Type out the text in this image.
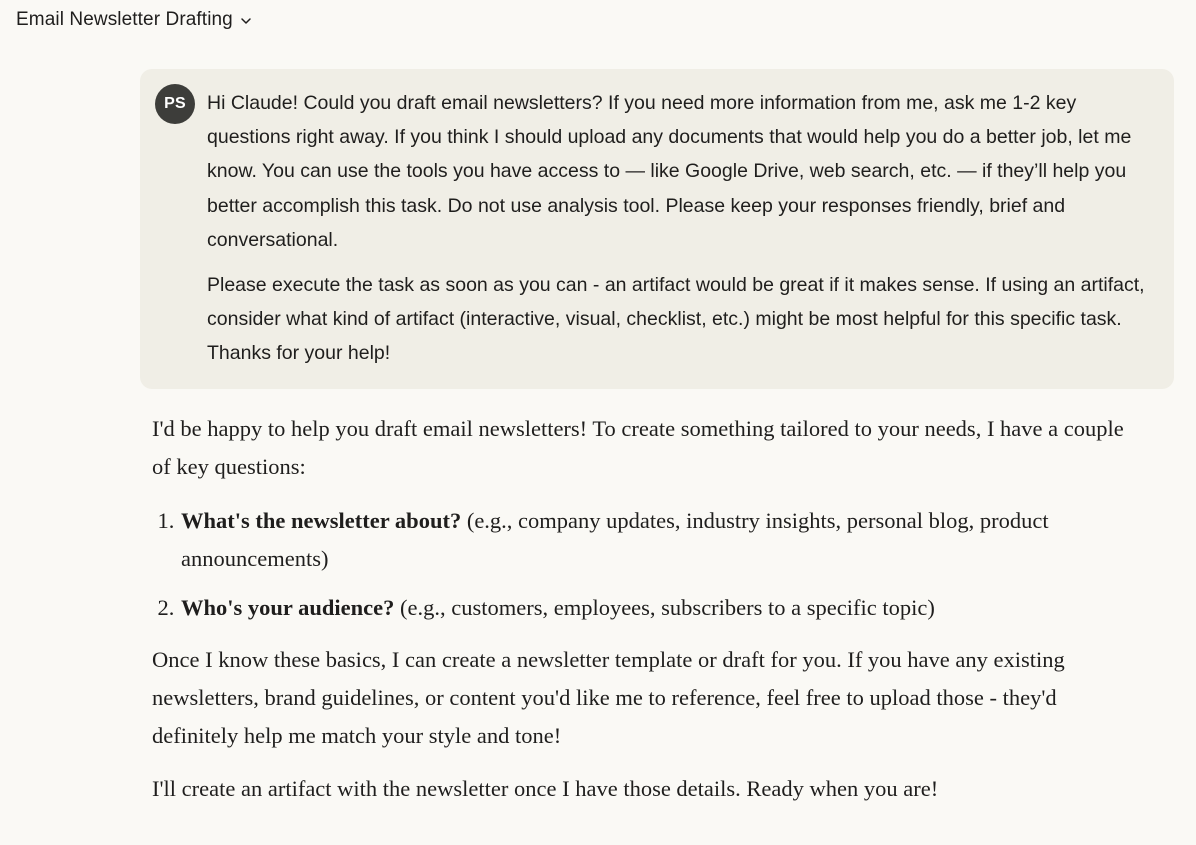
Email Newsletter Drafting
PS	Hi Claude! Could you draft email newsletters? If you need more information from me, ask me 1-2 key questions right away. If you think I should upload any documents that would help you do a better job, let me know. You can use the tools you have access to — like Google Drive, web search, etc. — if they’ll help you better accomplish this task. Do not use analysis tool. Please keep your responses friendly, brief and conversational.

Please execute the task as soon as you can - an artifact would be great if it makes sense. If using an artifact, consider what kind of artifact (interactive, visual, checklist, etc.) might be most helpful for this specific task. Thanks for your help!

I'd be happy to help you draft email newsletters! To create something tailored to your needs, I have a couple of key questions:

1. What's the newsletter about? (e.g., company updates, industry insights, personal blog, product announcements)
2. Who's your audience? (e.g., customers, employees, subscribers to a specific topic)

Once I know these basics, I can create a newsletter template or draft for you. If you have any existing newsletters, brand guidelines, or content you'd like me to reference, feel free to upload those - they'd definitely help me match your style and tone!

I'll create an artifact with the newsletter once I have those details. Ready when you are!
